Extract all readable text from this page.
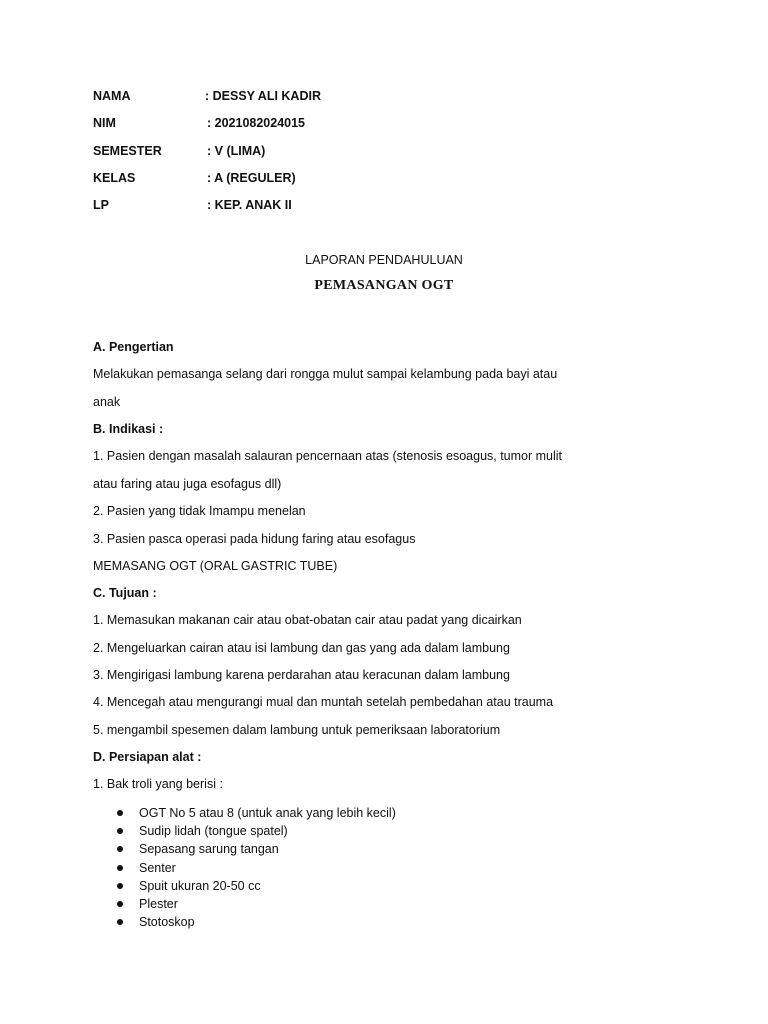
NAMA	: DESSY ALI KADIR
NIM	: 2021082024015
SEMESTER	: V (LIMA)
KELAS	: A (REGULER)
LP	: KEP. ANAK II
LAPORAN PENDAHULUAN
PEMASANGAN OGT
A. Pengertian
Melakukan pemasanga selang dari rongga mulut sampai kelambung pada bayi atau
anak
B. Indikasi :
1. Pasien dengan masalah salauran pencernaan atas (stenosis esoagus, tumor mulit
atau faring atau juga esofagus dll)
2. Pasien yang tidak Imampu menelan
3. Pasien pasca operasi pada hidung faring atau esofagus
MEMASANG OGT (ORAL GASTRIC TUBE)
C. Tujuan :
1. Memasukan makanan cair atau obat-obatan cair atau padat yang dicairkan
2. Mengeluarkan cairan atau isi lambung dan gas yang ada dalam lambung
3. Mengirigasi lambung karena perdarahan atau keracunan dalam lambung
4. Mencegah atau mengurangi mual dan muntah setelah pembedahan atau trauma
5. mengambil spesemen dalam lambung untuk pemeriksaan laboratorium
D. Persiapan alat :
1. Bak troli yang berisi :
OGT No 5 atau 8 (untuk anak yang lebih kecil)
Sudip lidah (tongue spatel)
Sepasang sarung tangan
Senter
Spuit ukuran 20-50 cc
Plester
Stotoskop
